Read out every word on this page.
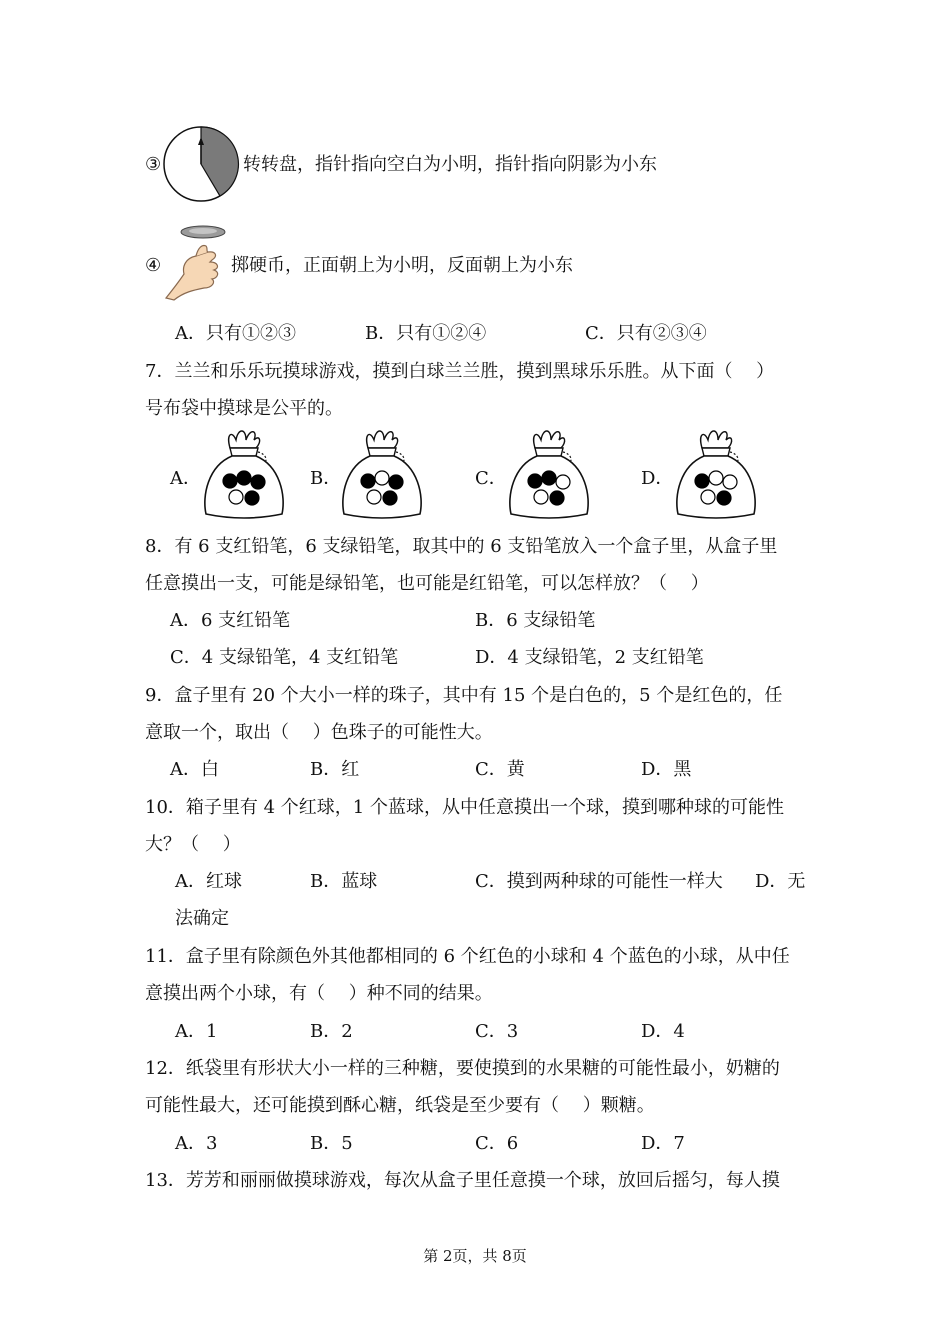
③	转转盘，指针指向空白为小明，指针指向阴影为小东
④	掷硬币，正面朝上为小明，反面朝上为小东
A．只有①②③	B．只有①②④	C．只有②③④
7．兰兰和乐乐玩摸球游戏，摸到白球兰兰胜，摸到黑球乐乐胜。从下面（　 ）
号布袋中摸球是公平的。
A．	B．	C．	D．
8．有 6 支红铅笔，6 支绿铅笔，取其中的 6 支铅笔放入一个盒子里，从盒子里
任意摸出一支，可能是绿铅笔，也可能是红铅笔，可以怎样放？（　 ）
A．6 支红铅笔	B．6 支绿铅笔
C．4 支绿铅笔，4 支红铅笔	D．4 支绿铅笔，2 支红铅笔
9．盒子里有 20 个大小一样的珠子，其中有 15 个是白色的，5 个是红色的，任
意取一个，取出（　 ）色珠子的可能性大。
A．白	B．红	C．黄	D．黑
10．箱子里有 4 个红球，1 个蓝球，从中任意摸出一个球，摸到哪种球的可能性
大？（　 ）
A．红球	B．蓝球	C．摸到两种球的可能性一样大 D．无
法确定
11．盒子里有除颜色外其他都相同的 6 个红色的小球和 4 个蓝色的小球，从中任
意摸出两个小球，有（　 ）种不同的结果。
A．1	B．2	C．3	D．4
12．纸袋里有形状大小一样的三种糖，要使摸到的水果糖的可能性最小，奶糖的
可能性最大，还可能摸到酥心糖，纸袋是至少要有（　 ）颗糖。
A．3	B．5	C．6	D．7
13．芳芳和丽丽做摸球游戏，每次从盒子里任意摸一个球，放回后摇匀，每人摸
第 2页，共 8页
